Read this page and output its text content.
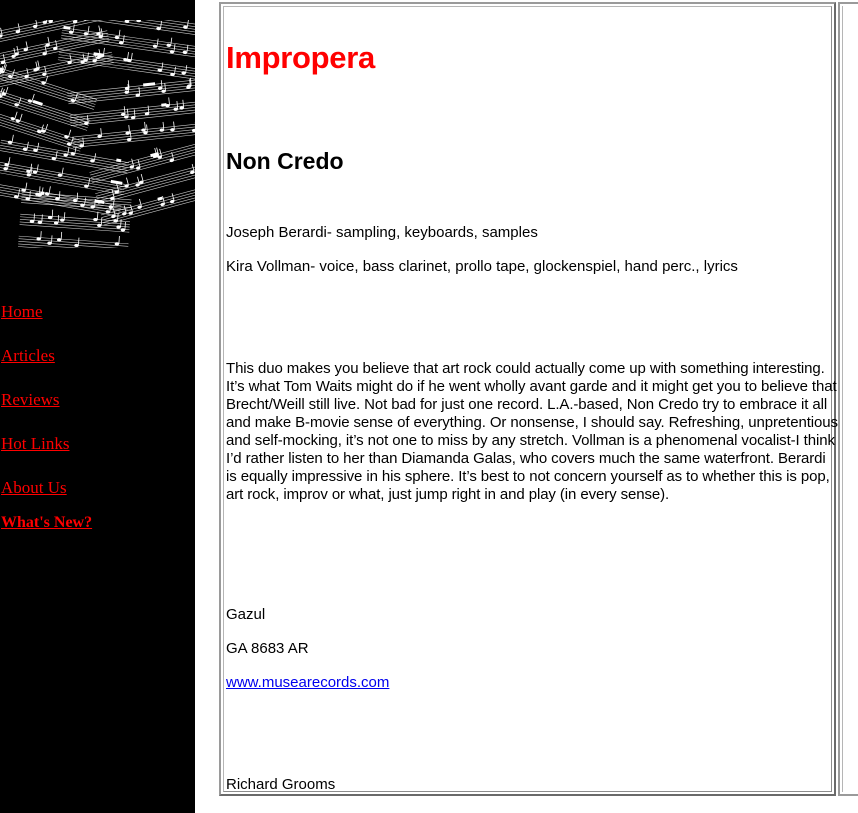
Home
Articles
Reviews
Hot Links
About Us
What's New?
Impropera
Non Credo

Joseph Berardi- sampling, keyboards, samples

Kira Vollman- voice, bass clarinet, prollo tape, glockenspiel, hand perc., lyrics

This duo makes you believe that art rock could actually come up with something interesting. It’s what Tom Waits might do if he went wholly avant garde and it might get you to believe that Brecht/Weill still live. Not bad for just one record. L.A.-based, Non Credo try to embrace it all and make B-movie sense of everything. Or nonsense, I should say. Refreshing, unpretentious and self-mocking, it’s not one to miss by any stretch. Vollman is a phenomenal vocalist-I think I’d rather listen to her than Diamanda Galas, who covers much the same waterfront. Berardi is equally impressive in his sphere. It’s best to not concern yourself as to whether this is pop, art rock, improv or what, just jump right in and play (in every sense).

Gazul

GA 8683 AR

www.musearecords.com

Richard Grooms
